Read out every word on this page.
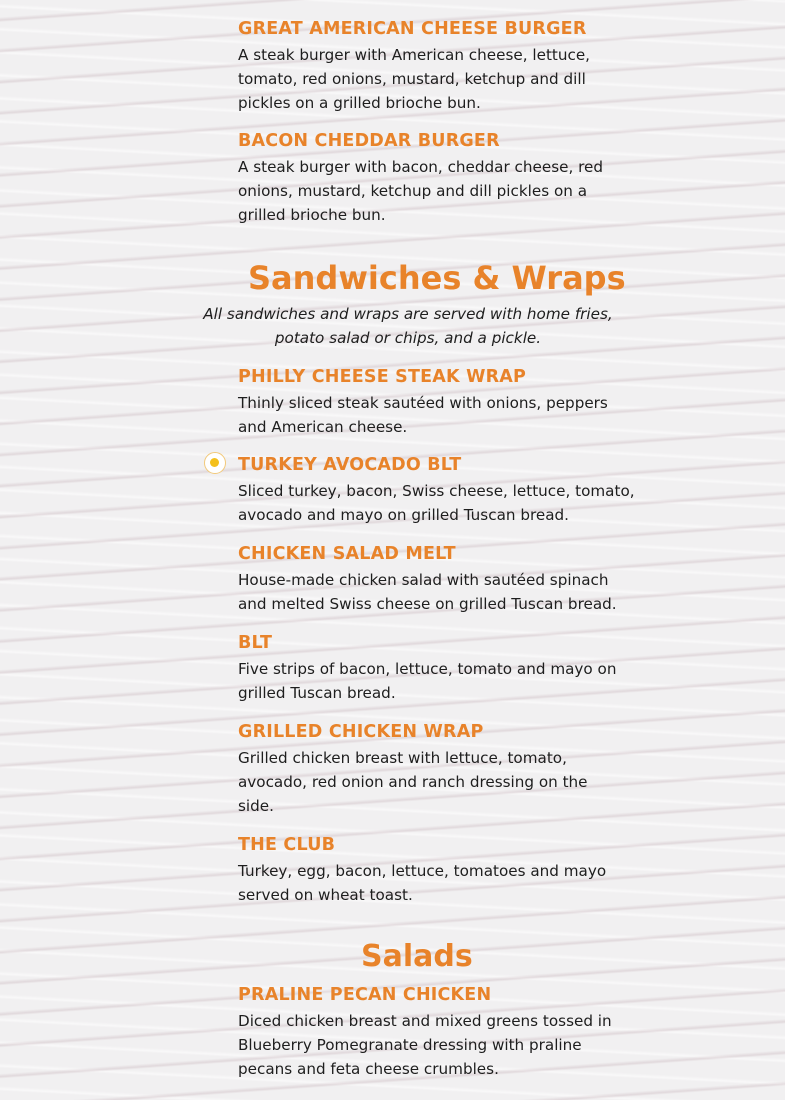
GREAT AMERICAN CHEESE BURGER

A steak burger with American cheese, lettuce, tomato, red onions, mustard, ketchup and dill pickles on a grilled brioche bun.

BACON CHEDDAR BURGER

A steak burger with bacon, cheddar cheese, red onions, mustard, ketchup and dill pickles on a grilled brioche bun.

Sandwiches & Wraps

All sandwiches and wraps are served with home fries, potato salad or chips, and a pickle.

PHILLY CHEESE STEAK WRAP

Thinly sliced steak sautéed with onions, peppers and American cheese.

TURKEY AVOCADO BLT

Sliced turkey, bacon, Swiss cheese, lettuce, tomato, avocado and mayo on grilled Tuscan bread.

CHICKEN SALAD MELT

House-made chicken salad with sautéed spinach and melted Swiss cheese on grilled Tuscan bread.

BLT

Five strips of bacon, lettuce, tomato and mayo on grilled Tuscan bread.

GRILLED CHICKEN WRAP

Grilled chicken breast with lettuce, tomato, avocado, red onion and ranch dressing on the side.

THE CLUB

Turkey, egg, bacon, lettuce, tomatoes and mayo served on wheat toast.

Salads
PRALINE PECAN CHICKEN

Diced chicken breast and mixed greens tossed in Blueberry Pomegranate dressing with praline pecans and feta cheese crumbles.
